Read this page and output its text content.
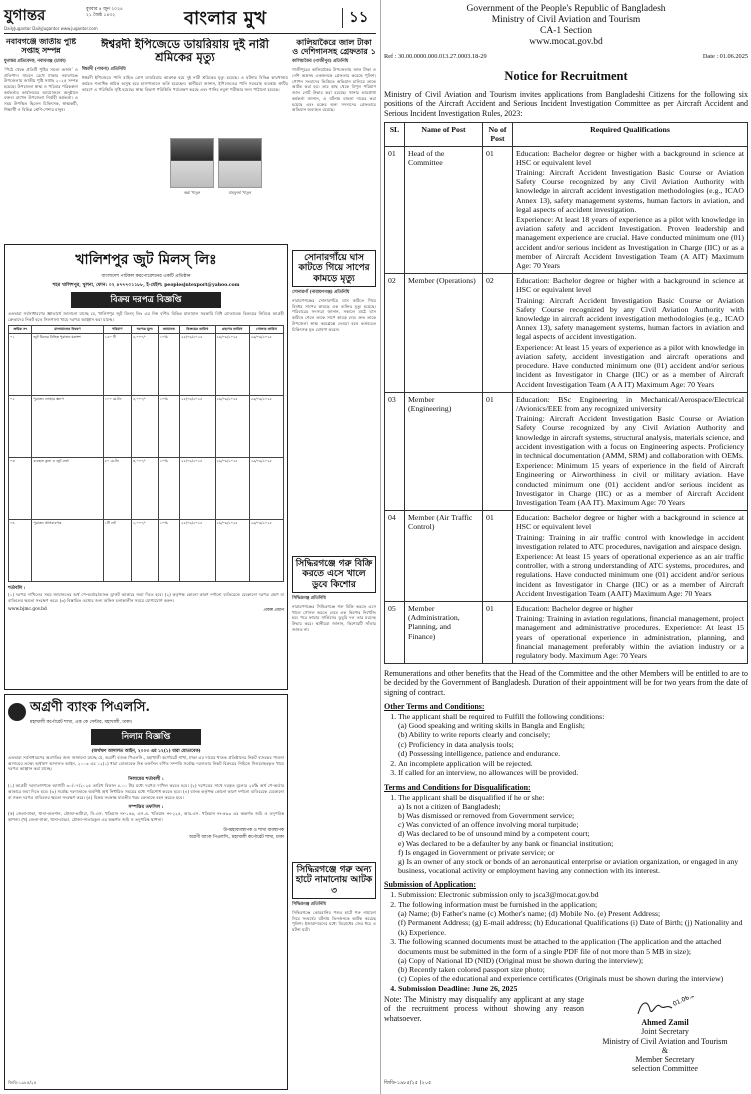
যুগান্তর	বুধবার ৪ জুন ২০২৫
২১ জৈষ্ঠ ১৪৩২
DailyJugantor DailyJugantor www.jugantor.com	বাংলার মুখ	১১
নবাবগঞ্জে জাতীয় পুষ্টি সপ্তাহ সম্পন্ন
যুগান্তর প্রতিবেদক, নবাবগঞ্জ (ঢাকা)
‘পিঠে থেকে প্রতিটি পুষ্টির সমতা অর্জন’ এ প্রতিপাদ্য সামনে রেখে ঢাকার নবাবগঞ্জে উপজেলায় জাতীয় পুষ্টি সপ্তাহ ২০২৫ সম্পন্ন হয়েছে। উপজেলা স্বাস্থ্য ও পরিবার পরিকল্পনা কর্মকর্তার কার্যালয়ের আয়োজনে অনুষ্ঠানে বক্তব্য রাখেন উপজেলা নির্বাহী কর্মকর্তা। এ সময় উপস্থিত ছিলেন চিকিৎসক, স্বাস্থ্যকর্মী, শিক্ষার্থী ও বিভিন্ন শ্রেণি-পেশার মানুষ।
ঈশ্বরদী ইপিজেডে ডায়রিয়ায় দুই নারী শ্রমিকের মৃত্যু
ঈশ্বরদী (পাবনা) প্রতিনিধি
ঈশ্বরদী ইপিজেডে পানি বাহিত রোগ ডায়রিয়ায় আক্রান্ত হয়ে দুই নারী শ্রমিকের মৃত্যু হয়েছে। এ ঘটনায় বিভিন্ন কারখানায় কর্মরত শতাধিক শ্রমিক অসুস্থ হয়ে হাসপাতালে ভর্তি হয়েছেন। স্থানীয়রা জানান, ইপিজেডের পানি সরবরাহ ব্যবস্থায় ত্রুটির কারণে এ পরিস্থিতি সৃষ্টি হয়েছে। স্বাস্থ্য বিভাগ পরিস্থিতি পর্যবেক্ষণ করছে এবং পানির নমুনা পরীক্ষার জন্য পাঠানো হয়েছে।
অন্না খাতুন	মাহফুজা খাতুন
কালিয়াকৈরে জাল টাকা ও দেশিগানসহ গ্রেফতার ১
কালিয়াকৈর (গাজীপুর) প্রতিনিধি
গাজীপুরের কালিয়াকৈর উপজেলায় জাল টাকা ও দেশি অস্ত্রসহ একজনকে গ্রেফতার করেছে পুলিশ। গোপন সংবাদের ভিত্তিতে অভিযান চালিয়ে তাকে আটক করা হয়। তার কাছ থেকে বিপুল পরিমাণ জাল নোট উদ্ধার করা হয়েছে। থানার ভারপ্রাপ্ত কর্মকর্তা জানান, এ ঘটনায় মামলা দায়ের করা হয়েছে এবং চক্রের অন্য সদস্যদের গ্রেফতারে অভিযান অব্যাহত রয়েছে।
খালিশপুর জুট মিলস্ লিঃ
বাংলাদেশ পাটকল করপোরেশনের একটি প্রতিষ্ঠান
শহর খালিশপুর, খুলনা, ফোন: ০২ ৪৭৭৭০১১৮৮, ই-মেইল: peoplesjutexport@yahoo.com
বিক্রয় দরপত্র বিজ্ঞপ্তি
এতদ্বারা সর্বসাধারণের জ্ঞাতার্থে জানানো যাচ্ছে যে, খালিশপুর জুট মিলস্ লিঃ এর নিম্ন বর্ণিত বিভিন্ন মালামাল সরকারি বিধি মোতাবেক বিক্রয়ের নিমিত্তে আগ্রহী ক্রেতাদের নিকট হতে সিলগালা খামে দরপত্র আহ্বান করা যাচ্ছে।
ক্রমিক নং	মালামালের বিবরণ	পরিমাণ	দরপত্র মূল্য	জামানত	বিক্রয়ের তারিখ	গ্রহণের তারিখ	খোলার তারিখ
০১	জুট মিলের বিভিন্ন পুরাতন যন্ত্রাংশ	১৫০ টি	৫,০০০/-	১০%	২৫/০৬/২০২৫	২৬/০৬/২০২৫	২৬/০৬/২০২৫
০২	পুরাতন লোহার স্ক্র্যাপ	১০০ মে.টন	৫,০০০/-	১০%	২৫/০৬/২০২৫	২৬/০৬/২০২৫	২৬/০৬/২০২৫
০৩	ব্যবহৃত তুলা ও জুট বর্জ্য	৫০ মে.টন	৩,০০০/-	১০%	২৫/০৬/২০২৫	২৬/০৬/২০২৫	২৬/০৬/২০২৫
০৪	পুরাতন আসবাবপত্র	১টি লট	২,০০০/-	১০%	২৫/০৬/২০২৫	২৬/০৬/২০২৫	২৬/০৬/২০২৫
শর্তাবলি :
(১) দরপত্র দাখিলের সময় জামানতের অর্থ পে-অর্ডার/ব্যাংক ড্রাফট আকারে জমা দিতে হবে। (২) কর্তৃপক্ষ কোনো কারণ দর্শানো ব্যতিরেকে যেকোনো দরপত্র গ্রহণ বা বাতিলের ক্ষমতা সংরক্ষণ করে। (৩) বিস্তারিত তথ্যের জন্য অফিস চলাকালীন সময়ে যোগাযোগ করুন।
www.bjmc.gov.bd	প্রকল্প প্রধান
সোনারগাঁয়ে ঘাস কাটতে গিয়ে সাপের কামড়ে মৃত্যু
সোনারগাঁ (নারায়ণগঞ্জ) প্রতিনিধি
নারায়ণগঞ্জের সোনারগাঁয়ে ঘাস কাটতে গিয়ে বিষধর সাপের কামড়ে এক ব্যক্তির মৃত্যু হয়েছে। পরিবারের সদস্যরা জানান, সকালে মাঠে ঘাস কাটতে গেলে তাকে সাপে কামড় দেয়। দ্রুত তাকে উপজেলা স্বাস্থ্য কমপ্লেক্সে নেওয়া হলে কর্তব্যরত চিকিৎসক মৃত ঘোষণা করেন।
অগ্রণী ব্যাংক পিএলসি.
মহাখালী কর্পোরেট শাখা, এক কে সেন্টার, মহাখালী, ঢাকা।
নিলাম বিজ্ঞপ্তি
(অর্থঋণ আদালত আইন, ২০০৩ এর ১২(১) ধারা মোতাবেক)
এতদ্বারা সর্বসাধারণের অবগতির জন্য জানানো যাচ্ছে যে, অগ্রণী ব্যাংক পিএলসি., মহাখালী কর্পোরেট শাখা, ঢাকা এর দায়ের খাতক প্রতিষ্ঠানের নিকট ব্যাংকের পাওনা আদায়ের লক্ষ্যে অর্থঋণ আদালত আইন, ২০০৩ এর ১২(১) ধারা মোতাবেক নিম্ন তফসিল বর্ণিত সম্পত্তি সর্বোচ্চ দরদাতার নিকট বিক্রয়ের নিমিত্তে সিলমোহরকৃত খামে দরপত্র আহ্বান করা যাচ্ছে।
নিলামের শর্তাবলী :
(১) আগ্রহী দরদাতাগণকে আগামী ৩০/০৭/২০২৫ তারিখ বিকাল ৪.০০ টার মধ্যে দরপত্র দাখিল করতে হবে। (২) দরপত্রের সাথে দরকৃত মূল্যের ২৫% অর্থ পে-অর্ডার আকারে জমা দিতে হবে। (৩) সর্বোচ্চ দরদাতাকে অবশিষ্ট অর্থ নির্ধারিত সময়ের মধ্যে পরিশোধ করতে হবে। (৪) ব্যাংক কর্তৃপক্ষ কোনো কারণ দর্শানো ব্যতিরেকে যেকোনো বা সকল দরপত্র বাতিলের ক্ষমতা সংরক্ষণ করে। (৫) বিক্রয় সংক্রান্ত যাবতীয় খরচ ক্রেতাকে বহন করতে হবে।
সম্পত্তির তফসিল :
(ক) জেলা-ঢাকা, থানা-গুলশান, মৌজা-ভাটারা, সি.এস. খতিয়ান নং-১৫৬, এস.এ. খতিয়ান নং-২২৫, আর.এস. খতিয়ান নং-৫৬৩ এর অন্তর্গত জমি ও তদুপরিস্থ স্থাপনা। (খ) জেলা-ঢাকা, থানা-বাড্ডা, মৌজা-সাতারকুল এর অন্তর্গত জমি ও তদুপরিস্থ স্থাপনা।
উপমহাব্যবস্থাপক ও শাখা ব্যবস্থাপক
অগ্রণী ব্যাংক পিএলসি., মহাখালী কর্পোরেট শাখা, ঢাকা
জিডি-১৯৮৫/২৫
সিদ্ধিরগঞ্জে গরু বিক্রি করতে এসে খালে ডুবে কিশোর
সিদ্ধিরগঞ্জ প্রতিনিধি
নারায়ণগঞ্জের সিদ্ধিরগঞ্জে গরু বিক্রি করতে এসে খালে গোসল করতে নেমে এক কিশোর নিখোঁজ হয়। পরে ফায়ার সার্ভিসের ডুবুরি দল তার মরদেহ উদ্ধার করে। স্থানীয়রা জানান, কিশোরটি সাঁতার জানত না।
সিদ্ধিরগঞ্জে গরু অন্য হাটে নামানোয় আটক ৩
সিদ্ধিরগঞ্জ প্রতিনিধি
সিদ্ধিরগঞ্জে কোরবানির পশুর হাটে গরু নামানো নিয়ে সংঘর্ষের ঘটনায় তিনজনকে আটক করেছে পুলিশ। ইজারাদারদের মধ্যে বিরোধের জের ধরে এ ঘটনা ঘটে।
Government of the People's Republic of Bangladesh
Ministry of Civil Aviation and Tourism
CA-1 Section
www.mocat.gov.bd
Ref : 30.00.0000.000.013.27.0003.18-29	Date : 01.06.2025
Notice for Recruitment

Ministry of Civil Aviation and Tourism invites applications from Bangladeshi Citizens for the following six positions of the Aircraft Accident and Serious Incident Investigation Committee as per Aircraft Accident and Serious Incident Investigation Rules, 2023:

SL	Name of Post	No of Post	Required Qualifications
01	Head of the Committee	01	Education: Bachelor degree or higher with a background in science at HSC or equivalent level

Training: Aircraft Accident Investigation Basic Course or Aviation Safety Course recognized by any Civil Aviation Authority with knowledge in aircraft accident investigation methodologies (e.g., ICAO Annex 13), safety management systems, human factors in aviation, and legal aspects of accident investigation.

Experience: At least 18 years of experience as a pilot with knowledge in aviation safety and accident Investigation. Proven leadership and management experience are crucial. Have conducted minimum one (01) accident and/or serious incident as Investigation in Charge (IIC) or as a member of Aircraft Accident Investigation Team (A AIT) Maximum Age: 70 Years

02	Member (Operations)	02	Education: Bachelor degree or higher with a background in science at HSC or equivalent level

Training: Aircraft Accident Investigation Basic Course or Aviation Safety Course recognized by any Civil Aviation Authority with knowledge in aircraft accident investigation methodologies (e.g., ICAO Annex 13), safety management systems, human factors in aviation and legal aspects of accident investigation.

Experience: At least 15 years of experience as a pilot with knowledge in aviation safety, accident investigation and aircraft operations and procedure. Have conducted minimum one (01) accident and/or serious incident as Investigator in Charge (IIC) or as a member of Aircraft Accident Investigation Team (A A IT) Maximum Age: 70 Years

03	Member (Engineering)	01	Education: BSc Engineering in Mechanical/Aerospace/Electrical /Avionics/EEE from any recognized university

Training: Aircraft Accident Investigation Basic Course or Aviation Safety Course recognized by any Civil Aviation Authority and knowledge in aircraft systems, structural analysis, materials science, and accident investigation with a focus on Engineering aspects. Proficiency in technical documentation (AMM, SRM) and collaboration with OEMs.

Experience: Minimum 15 years of experience in the field of Aircraft Engineering or Airworthiness in civil or military aviation. Have conducted minimum one (01) accident and/or serious incident as Investigator in Charge (IIC) or as a member of Aircraft Accident Investigation Team (AA IT). Maximum Age: 70 Years

04	Member (Air Traffic Control)	01	Education: Bachelor degree or higher with a background in science at HSC or equivalent level

Training: Training in air traffic control with knowledge in accident investigation related to ATC procedures, navigation and airspace design.

Experience: At least 15 years of operational experience as an air traffic controller, with a strong understanding of ATC systems, procedures, and regulations. Have conducted minimum one (01) accident and/or serious incident as Investigator in Charge (IIC) or as a member of Aircraft Accident Investigation Team (AAIT) Maximum Age: 70 Years

05	Member (Administration, Planning, and Finance)	01	Education: Bachelor degree or higher

Training: Training in aviation regulations, financial management, project management and administrative procedures. Experience: At least 15 years of operational experience in administration, planning, and financial management preferably within the aviation industry or a regulatory body. Maximum Age: 70 Years

Remunerations and other benefits that the Head of the Committee and the other Members will be entitled to are to be decided by the Government of Bangladesh. Duration of their appointment will be for two years from the date of signing of contract.

Other Terms and Conditions:
1. The applicant shall be required to Fulfill the following conditions:
(a) Good speaking and writing skills in Bangla and English;
(b) Ability to write reports clearly and concisely;
(c) Proficiency in data analysis tools;
(d) Possessing intelligence, patience and endurance.
2. An incomplete application will be rejected.
3. If called for an interview, no allowances will be provided.
Terms and Conditions for Disqualification:
1. The applicant shall be disqualified if he or she:
a) Is not a citizen of Bangladesh;
b) Was dismissed or removed from Government service;
c) Was convicted of an offence involving moral turpitude;
d) Was declared to be of unsound mind by a competent court;
e) Was declared to be a defaulter by any bank or financial institution;
f) Is engaged in Government or private service; or
g) Is an owner of any stock or bonds of an aeronautical enterprise or aviation organization, or engaged in any business, vocational activity or employment having any connection with its interest.
Submission of Application:
1. Submission: Electronic submission only to jsca3@mocat.gov.bd
2. The following information must be furnished in the application;
(a) Name; (b) Father's name (c) Mother's name; (d) Mobile No. (e) Present Address;
(f) Permanent Address; (g) E-mail address; (h) Educational Qualifications (i) Date of Birth; (j) Nationality and (k) Experience.
3. The following scanned documents must be attached to the application (The application and the attached documents must be submitted in the form of a single PDF file of not more than 5 MB in size);
(a) Copy of National ID (NID) (Original must be shown during the interview);
(b) Recently taken colored passport size photo;
(c) Copies of the educational and experience certificates (Originals must be shown during the interview)
4. Submission Deadline: June 26, 2025

Note: The Ministry may disqualify any applicant at any stage of the recruitment process without showing any reason whatsoever.

01.06.25
Ahmed Zamil
Joint Secretary
Ministry of Civil Aviation and Tourism
&
Member Secretary
selection Committee
জিডি-১৯৮৫/২৫ (২০৫
